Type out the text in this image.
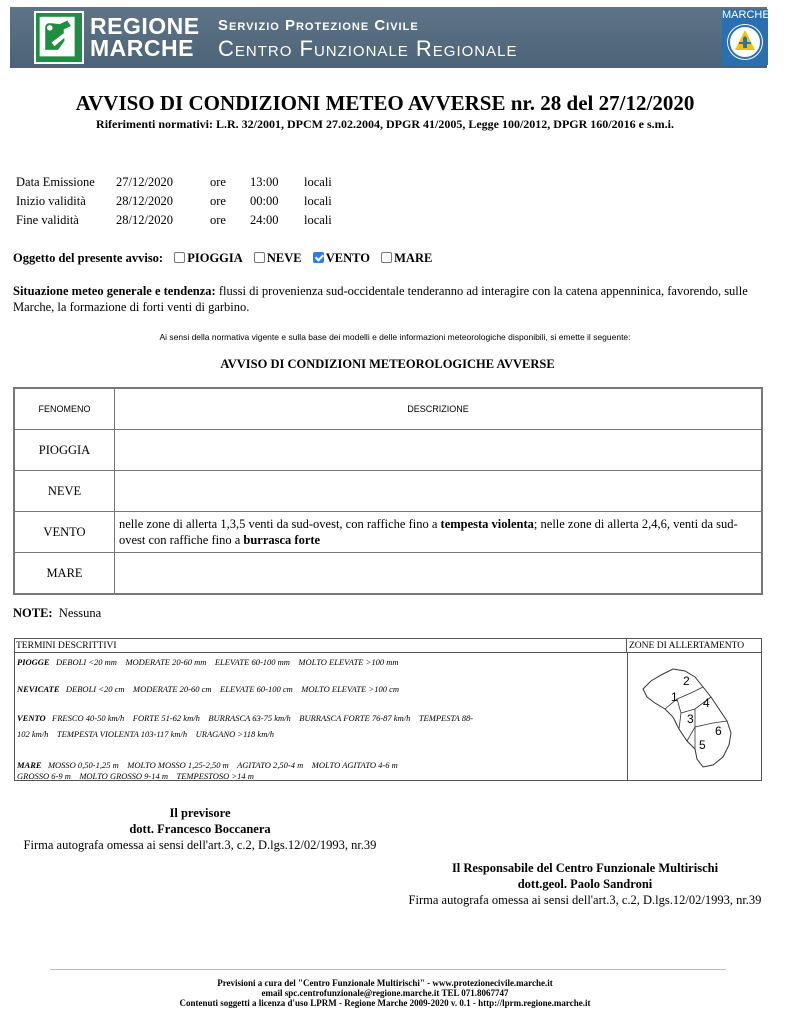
REGIONE
MARCHE
Servizio Protezione Civile
Centro Funzionale Regionale
MARCHE
AVVISO DI CONDIZIONI METEO AVVERSE nr. 28 del 27/12/2020
Riferimenti normativi: L.R. 32/2001, DPCM 27.02.2004, DPGR 41/2005, Legge 100/2012, DPGR 160/2016 e s.m.i.
Data Emissione	27/12/2020	ore	13:00	locali
Inizio validità	28/12/2020	ore	00:00	locali
Fine validità	28/12/2020	ore	24:00	locali
Oggetto del presente avviso: PIOGGIA NEVE VENTO MARE
Situazione meteo generale e tendenza: flussi di provenienza sud-occidentale tenderanno ad interagire con la catena appenninica, favorendo, sulle Marche, la formazione di forti venti di garbino.
Ai sensi della normativa vigente e sulla base dei modelli e delle informazioni meteorologiche disponibili, si emette il seguente:
AVVISO DI CONDIZIONI METEOROLOGICHE AVVERSE
FENOMENO	DESCRIZIONE
PIOGGIA	
NEVE	
VENTO	nelle zone di allerta 1,3,5 venti da sud-ovest, con raffiche fino a tempesta violenta; nelle zone di allerta 2,4,6, venti da sud-ovest con raffiche fino a burrasca forte
MARE	
NOTE: Nessuna
TERMINI DESCRITTIVI	ZONE DI ALLERTAMENTO
PIOGGE DEBOLI <20 mm    MODERATE 20-60 mm    ELEVATE 60-100 mm    MOLTO ELEVATE >100 mm
NEVICATE DEBOLI <20 cm    MODERATE 20-60 cm    ELEVATE 60-100 cm    MOLTO ELEVATE >100 cm
VENTO FRESCO 40-50 km/h    FORTE 51-62 km/h    BURRASCA 63-75 km/h    BURRASCA FORTE 76-87 km/h    TEMPESTA 88-
102 km/h    TEMPESTA VIOLENTA 103-117 km/h    URAGANO >118 km/h
MARE MOSSO 0,50-1,25 m    MOLTO MOSSO 1,25-2,50 m    AGITATO 2,50-4 m    MOLTO AGITATO 4-6 m
GROSSO 6-9 m    MOLTO GROSSO 9-14 m    TEMPESTOSO >14 m
1
2
3
4
5
6
Il previsore
dott. Francesco Boccanera
Firma autografa omessa ai sensi dell'art.3, c.2, D.lgs.12/02/1993, nr.39
Il Responsabile del Centro Funzionale Multirischi
dott.geol. Paolo Sandroni
Firma autografa omessa ai sensi dell'art.3, c.2, D.lgs.12/02/1993, nr.39
Previsioni a cura del "Centro Funzionale Multirischi" - www.protezionecivile.marche.it
email spc.centrofunzionale@regione.marche.it TEL 071.8067747
Contenuti soggetti a licenza d'uso LPRM - Regione Marche 2009-2020 v. 0.1 - http://lprm.regione.marche.it
